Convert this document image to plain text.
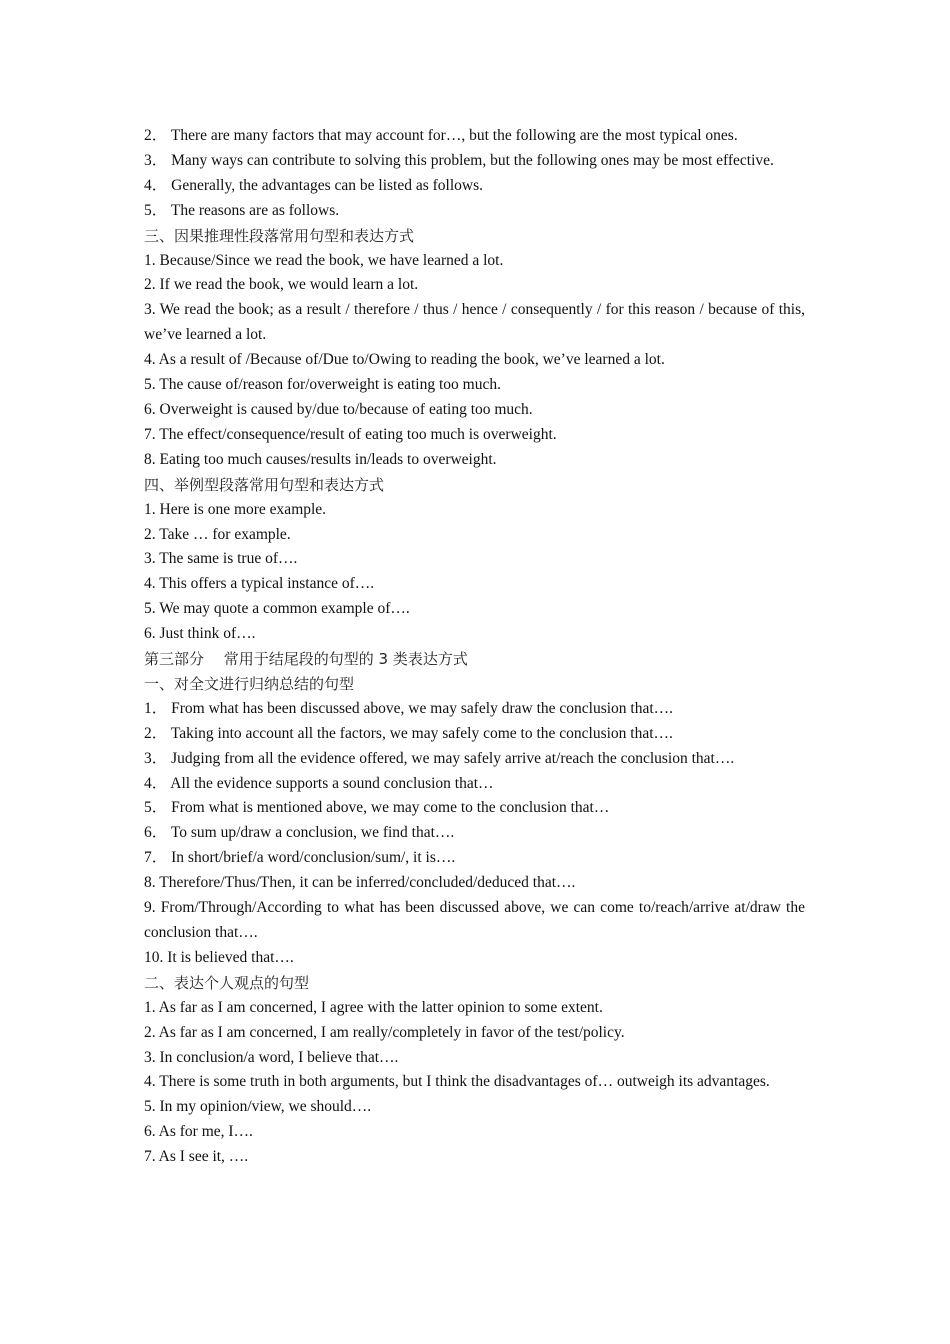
2． There are many factors that may account for…, but the following are the most typical ones.

3． Many ways can contribute to solving this problem, but the following ones may be most effective.

4． Generally, the advantages can be listed as follows.

5． The reasons are as follows.

三、因果推理性段落常用句型和表达方式

1. Because/Since we read the book, we have learned a lot.

2. If we read the book, we would learn a lot.

3. We read the book; as a result / therefore / thus / hence / consequently / for this reason / because of this, we’ve learned a lot.

4. As a result of /Because of/Due to/Owing to reading the book, we’ve learned a lot.

5. The cause of/reason for/overweight is eating too much.

6. Overweight is caused by/due to/because of eating too much.

7. The effect/consequence/result of eating too much is overweight.

8. Eating too much causes/results in/leads to overweight.

四、举例型段落常用句型和表达方式

1. Here is one more example.

2. Take … for example.

3. The same is true of….

4. This offers a typical instance of….

5. We may quote a common example of….

6. Just think of….

第三部分　 常用于结尾段的句型的 3 类表达方式

一、对全文进行归纳总结的句型

1． From what has been discussed above, we may safely draw the conclusion that….

2． Taking into account all the factors, we may safely come to the conclusion that….

3． Judging from all the evidence offered, we may safely arrive at/reach the conclusion that….

4． All the evidence supports a sound conclusion that…

5． From what is mentioned above, we may come to the conclusion that…

6． To sum up/draw a conclusion, we find that….

7． In short/brief/a word/conclusion/sum/, it is….

8. Therefore/Thus/Then, it can be inferred/concluded/deduced that….

9. From/Through/According to what has been discussed above, we can come to/reach/arrive at/draw the conclusion that….

10. It is believed that….

二、表达个人观点的句型

1. As far as I am concerned, I agree with the latter opinion to some extent.

2. As far as I am concerned, I am really/completely in favor of the test/policy.

3. In conclusion/a word, I believe that….

4. There is some truth in both arguments, but I think the disadvantages of… outweigh its advantages.

5. In my opinion/view, we should….

6. As for me, I….

7. As I see it, ….
